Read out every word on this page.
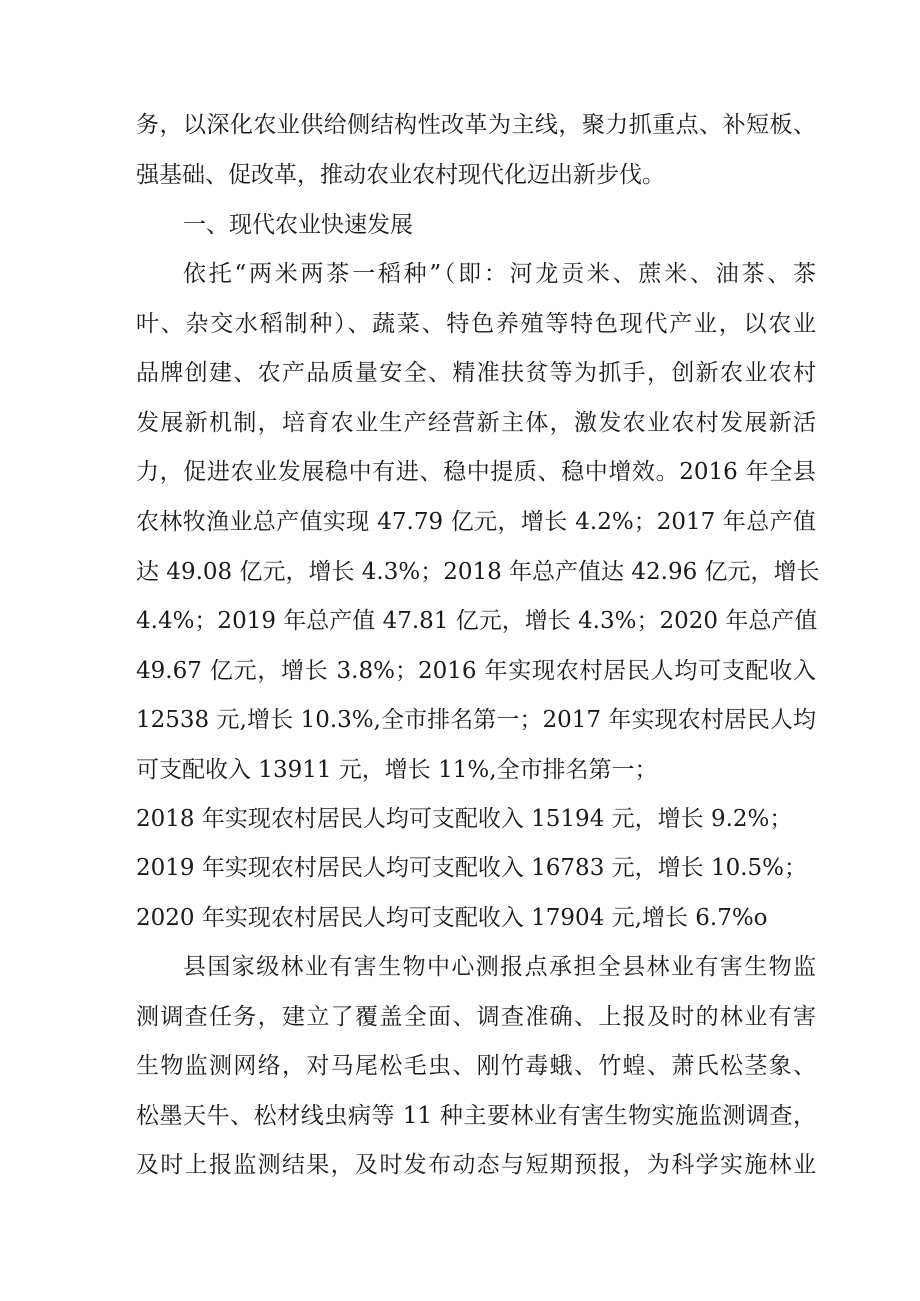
务，以深化农业供给侧结构性改革为主线，聚力抓重点、补短板、
强基础、促改革，推动农业农村现代化迈出新步伐。
一、现代农业快速发展
依托“两米两茶一稻种”（即：河龙贡米、蔗米、油茶、茶
叶、杂交水稻制种）、蔬菜、特色养殖等特色现代产业，以农业
品牌创建、农产品质量安全、精准扶贫等为抓手，创新农业农村
发展新机制，培育农业生产经营新主体，激发农业农村发展新活
力，促进农业发展稳中有进、稳中提质、稳中增效。2016 年全县
农林牧渔业总产值实现 47.79 亿元，增长 4.2%；2017 年总产值
达 49.08 亿元，增长 4.3%；2018 年总产值达 42.96 亿元，增长
4.4%；2019 年总产值 47.81 亿元，增长 4.3%；2020 年总产值
49.67 亿元，增长 3.8%；2016 年实现农村居民人均可支配收入
12538 元,增长 10.3%,全市排名第一；2017 年实现农村居民人均
可支配收入 13911 元，增长 11%,全市排名第一；
2018 年实现农村居民人均可支配收入 15194 元，增长 9.2%；
2019 年实现农村居民人均可支配收入 16783 元，增长 10.5%；
2020 年实现农村居民人均可支配收入 17904 元,增长 6.7%o
县国家级林业有害生物中心测报点承担全县林业有害生物监
测调查任务，建立了覆盖全面、调查准确、上报及时的林业有害
生物监测网络，对马尾松毛虫、刚竹毒蛾、竹蝗、萧氏松茎象、
松墨天牛、松材线虫病等 11 种主要林业有害生物实施监测调查，
及时上报监测结果，及时发布动态与短期预报，为科学实施林业
